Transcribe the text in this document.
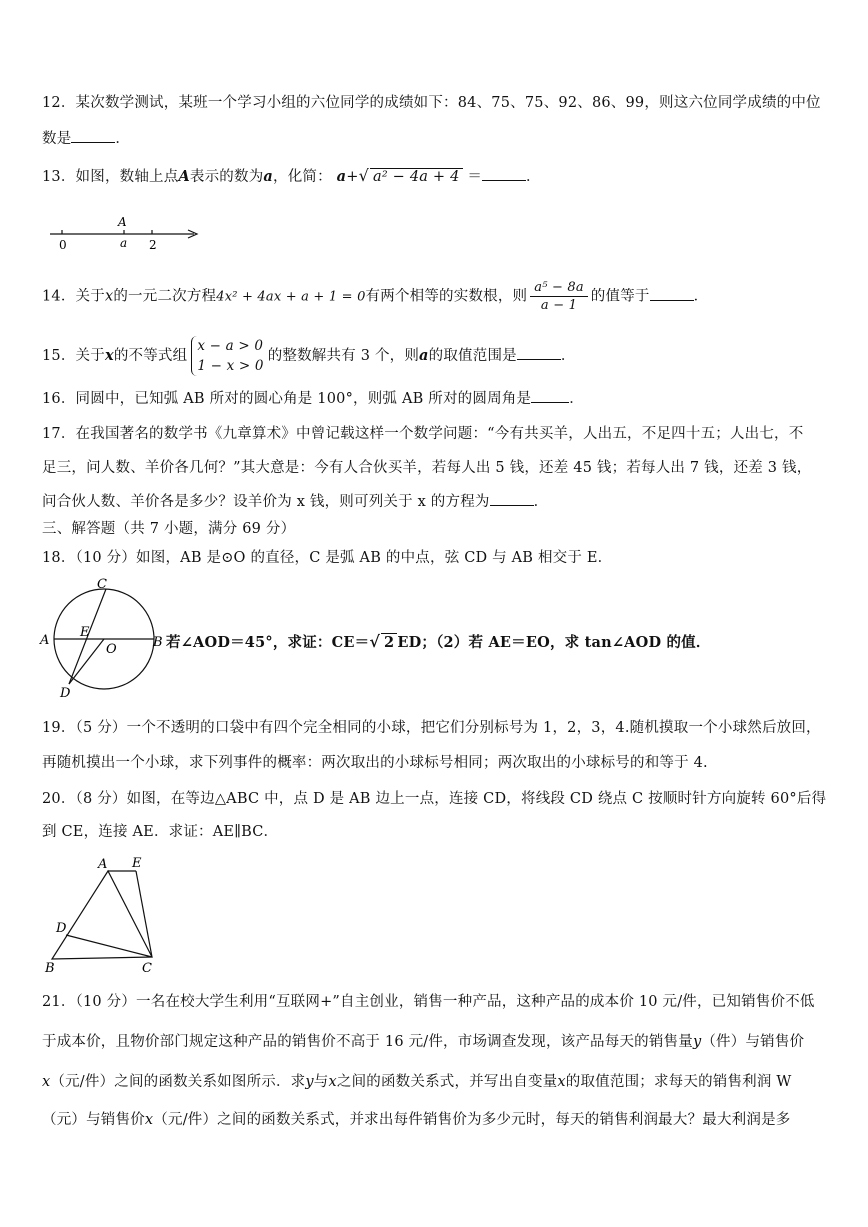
12．某次数学测试，某班一个学习小组的六位同学的成绩如下：84、75、75、92、86、99，则这六位同学成绩的中位
数是	．
13．如图，数轴上点A表示的数为a，化简： a+√ a² − 4a + 4 ＝	．
0	a 2
A
14．关于x的一元二次方程4x² + 4ax + a + 1 = 0有两个相等的实数根，则 $\frac{\text{a⁵ − 8a}}{a - 1}$ 的值等于	．
15．关于x的不等式组
x − a > 0
1 − x > 0
的整数解共有 3 个，则a的取值范围是	．
16．同圆中，已知弧 AB 所对的圆心角是 100°，则弧 AB 所对的圆周角是	．
17．在我国著名的数学书《九章算术》中曾记载这样一个数学问题：“今有共买羊，人出五，不足四十五；人出七，不
足三，问人数、羊价各几何？”其大意是：今有人合伙买羊，若每人出 5 钱，还差 45 钱；若每人出 7 钱，还差 3 钱，
问合伙人数、羊价各是多少？设羊价为 x 钱，则可列关于 x 的方程为	．
三、解答题（共 7 小题，满分 69 分）
18．（10 分）如图，AB 是⊙O 的直径，C 是弧 AB 的中点，弦 CD 与 AB 相交于 E．
C
A
E
O	B
D
若∠AOD＝45°，求证：CE＝√ 2 ED；（2）若 AE＝EO，求 tan∠AOD 的值．
19．（5 分）一个不透明的口袋中有四个完全相同的小球，把它们分别标号为 1，2，3，4.随机摸取一个小球然后放回，
再随机摸出一个小球，求下列事件的概率：两次取出的小球标号相同；两次取出的小球标号的和等于 4.
20．（8 分）如图，在等边△ABC 中，点 D 是 AB 边上一点，连接 CD，将线段 CD 绕点 C 按顺时针方向旋转 60°后得
到 CE，连接 AE．求证：AE∥BC．
A E
D
B	C
21．（10 分）一名在校大学生利用“互联网+”自主创业，销售一种产品，这种产品的成本价 10 元/件，已知销售价不低
于成本价，且物价部门规定这种产品的销售价不高于 16 元/件，市场调查发现，该产品每天的销售量y（件）与销售价
x（元/件）之间的函数关系如图所示．求y与x之间的函数关系式，并写出自变量x的取值范围；求每天的销售利润 W
（元）与销售价x（元/件）之间的函数关系式，并求出每件销售价为多少元时，每天的销售利润最大？最大利润是多
